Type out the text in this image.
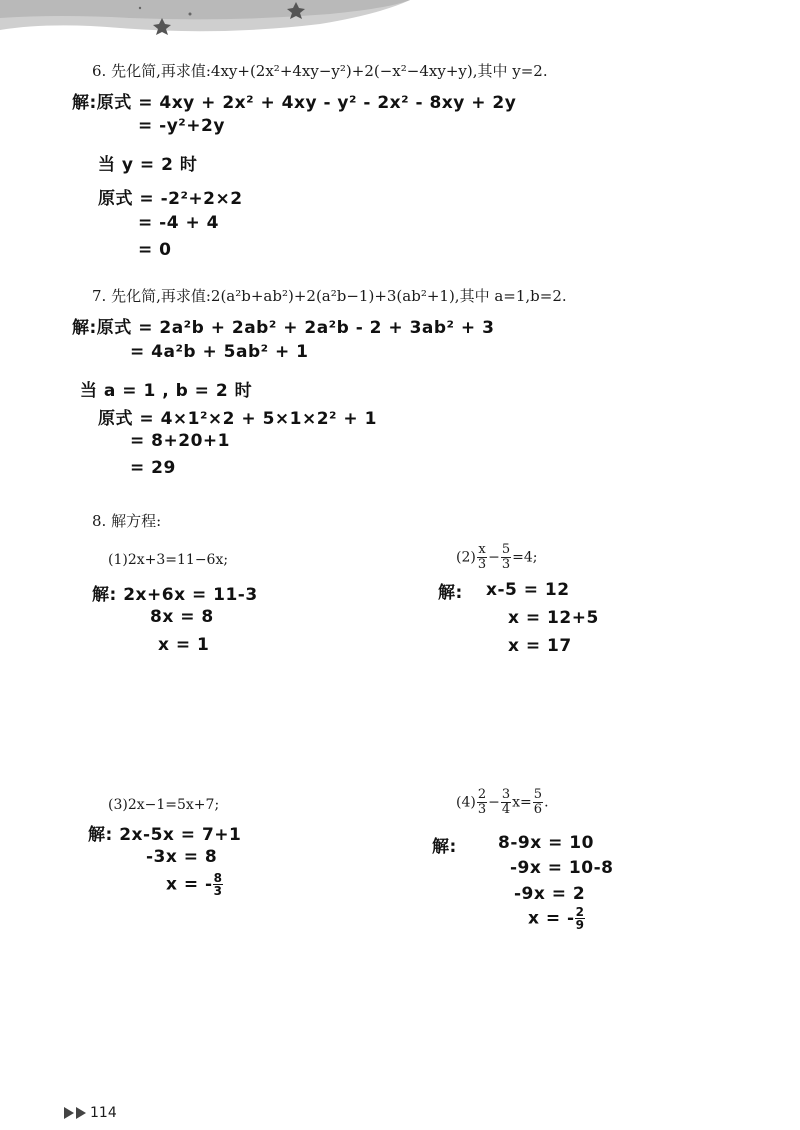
6. 先化简,再求值:4xy+(2x²+4xy−y²)+2(−x²−4xy+y),其中 y=2.
解:原式 = 4xy + 2x² + 4xy - y² - 2x² - 8xy + 2y
= -y²+2y
当 y = 2 时
原式 = -2²+2×2
= -4 + 4
= 0
7. 先化简,再求值:2(a²b+ab²)+2(a²b−1)+3(ab²+1),其中 a=1,b=2.
解:原式 = 2a²b + 2ab² + 2a²b - 2 + 3ab² + 3
= 4a²b + 5ab² + 1
当 a = 1 , b = 2 时
原式 = 4×1²×2 + 5×1×2² + 1
= 8+20+1
= 29
8. 解方程:
(1)2x+3=11−6x;
解: 2x+6x = 11-3
8x = 8
x = 1
$(2) \frac{x}{3} - \frac{5}{3} =4$;
解: x-5 = 12
x = 12+5
x = 17
(3)2x−1=5x+7;
解: 2x-5x = 7+1
-3x = 8
x = - $\frac{8}{3}$
$(4) \frac{2}{3} - \frac{3}{4} x= \frac{5}{6}$ .
解: 8-9x = 10
-9x = 10-8
-9x = 2
x = - $\frac{2}{9}$
114
